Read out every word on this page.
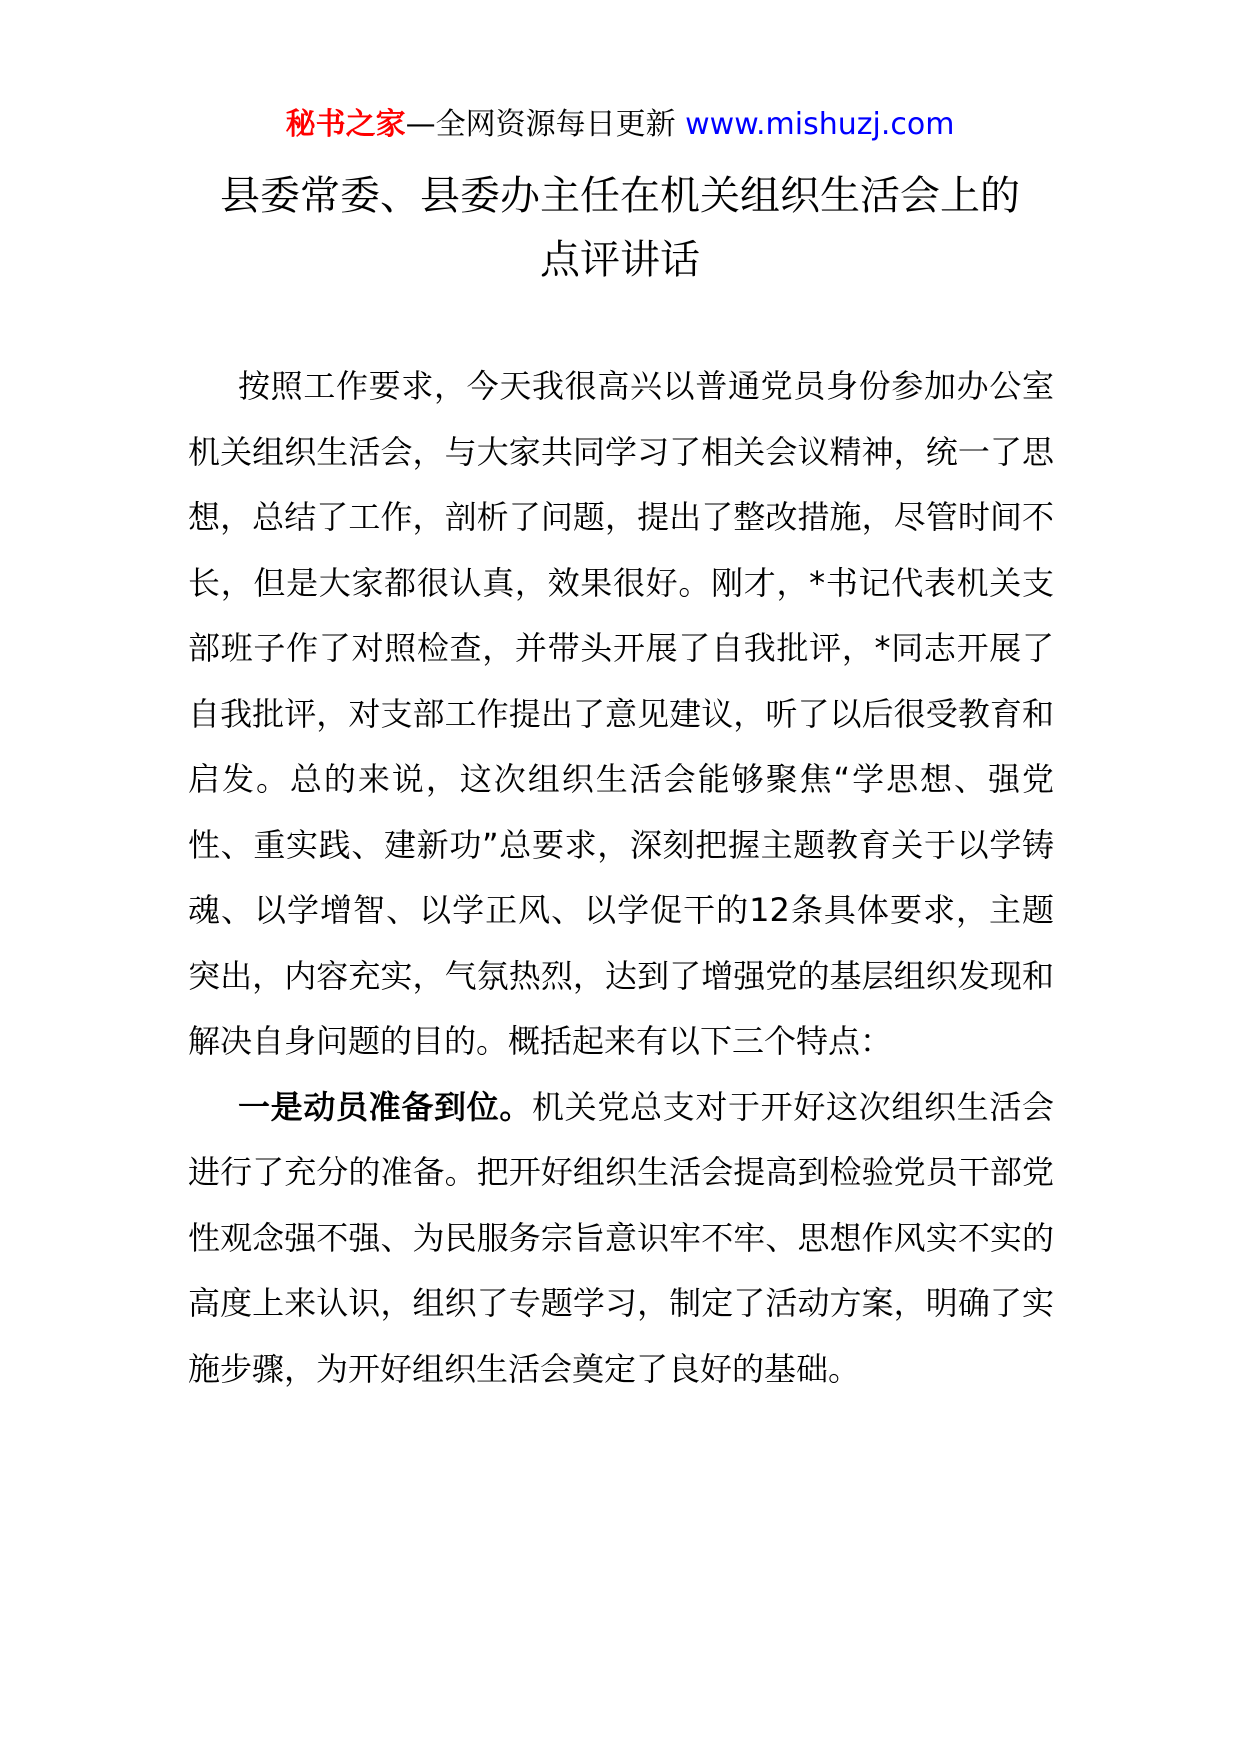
秘书之家—全网资源每日更新 www.mishuzj.com
县委常委、县委办主任在机关组织生活会上的
点评讲话

按照工作要求，今天我很高兴以普通党员身份参加办公室机关组织生活会，与大家共同学习了相关会议精神，统一了思想，总结了工作，剖析了问题，提出了整改措施，尽管时间不长，但是大家都很认真，效果很好。刚才，*书记代表机关支部班子作了对照检查，并带头开展了自我批评，*同志开展了自我批评，对支部工作提出了意见建议，听了以后很受教育和启发。总的来说，这次组织生活会能够聚焦“学思想、强党性、重实践、建新功”总要求，深刻把握主题教育关于以学铸魂、以学增智、以学正风、以学促干的12条具体要求，主题突出，内容充实，气氛热烈，达到了增强党的基层组织发现和解决自身问题的目的。概括起来有以下三个特点：

一是动员准备到位。机关党总支对于开好这次组织生活会进行了充分的准备。把开好组织生活会提高到检验党员干部党性观念强不强、为民服务宗旨意识牢不牢、思想作风实不实的高度上来认识，组织了专题学习，制定了活动方案，明确了实施步骤，为开好组织生活会奠定了良好的基础。
